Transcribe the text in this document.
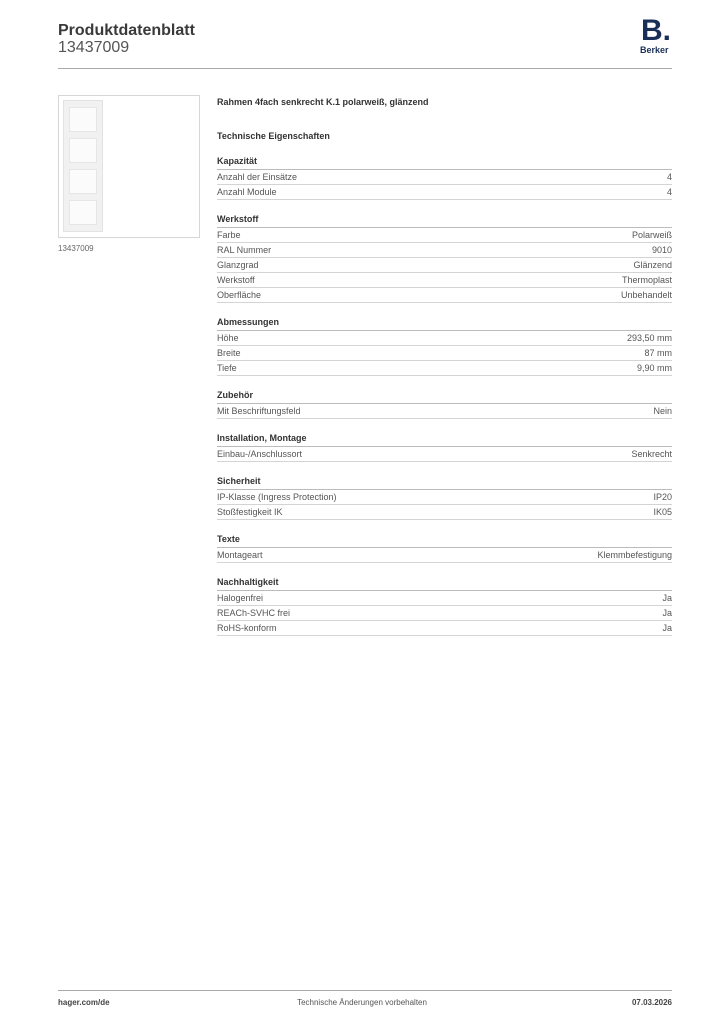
Produktdatenblatt
13437009
B.
Berker
13437009
Rahmen 4fach senkrecht K.1 polarweiß, glänzend
Technische Eigenschaften
Kapazität
Anzahl der Einsätze	4
Anzahl Module	4
Werkstoff
Farbe	Polarweiß
RAL Nummer	9010
Glanzgrad	Glänzend
Werkstoff	Thermoplast
Oberfläche	Unbehandelt
Abmessungen
Höhe	293,50 mm
Breite	87 mm
Tiefe	9,90 mm
Zubehör
Mit Beschriftungsfeld	Nein
Installation, Montage
Einbau-/Anschlussort	Senkrecht
Sicherheit
IP-Klasse (Ingress Protection)	IP20
Stoßfestigkeit IK	IK05
Texte
Montageart	Klemmbefestigung
Nachhaltigkeit
Halogenfrei	Ja
REACh-SVHC frei	Ja
RoHS-konform	Ja
hager.com/de	Technische Änderungen vorbehalten	07.03.2026
